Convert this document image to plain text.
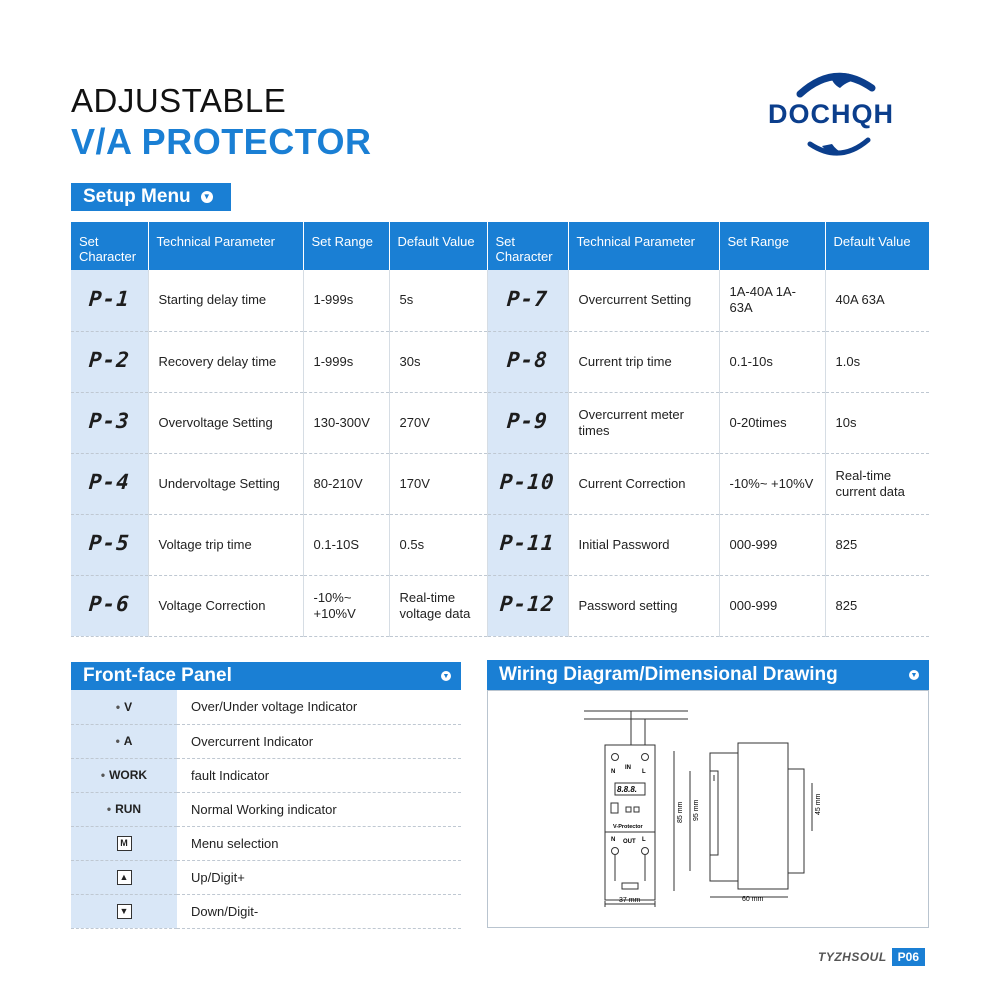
ADJUSTABLE
V/A PROTECTOR
DOCHQH
Setup Menu ▼
Set Character	Technical Parameter	Set Range	Default Value	Set Character	Technical Parameter	Set Range	Default Value
P-1	Starting delay time	1-999s	5s	P-7	Overcurrent Setting	1A-40A 1A-63A	40A 63A
P-2	Recovery delay time	1-999s	30s	P-8	Current trip time	0.1-10s	1.0s
P-3	Overvoltage Setting	130-300V	270V	P-9	Overcurrent meter times	0-20times	10s
P-4	Undervoltage Setting	80-210V	170V	P-10	Current Correction	-10%~ +10%V	Real-time current data
P-5	Voltage trip time	0.1-10S	0.5s	P-11	Initial Password	000-999	825
P-6	Voltage Correction	-10%~ +10%V	Real-time voltage data	P-12	Password setting	000-999	825
Front-face Panel	▼
• V	Over/Under voltage Indicator
• A	Overcurrent Indicator
• WORK	fault Indicator
• RUN	Normal Working indicator
M	Menu selection
▲	Up/Digit+
▼	Down/Digit-
Wiring Diagram/Dimensional Drawing	▼
N
IN
L
8.8.8.
V-Protector
N OUT L
37 mm
85 mm 95 mm	45 mm
60 mm
TYZHSOUL P06
